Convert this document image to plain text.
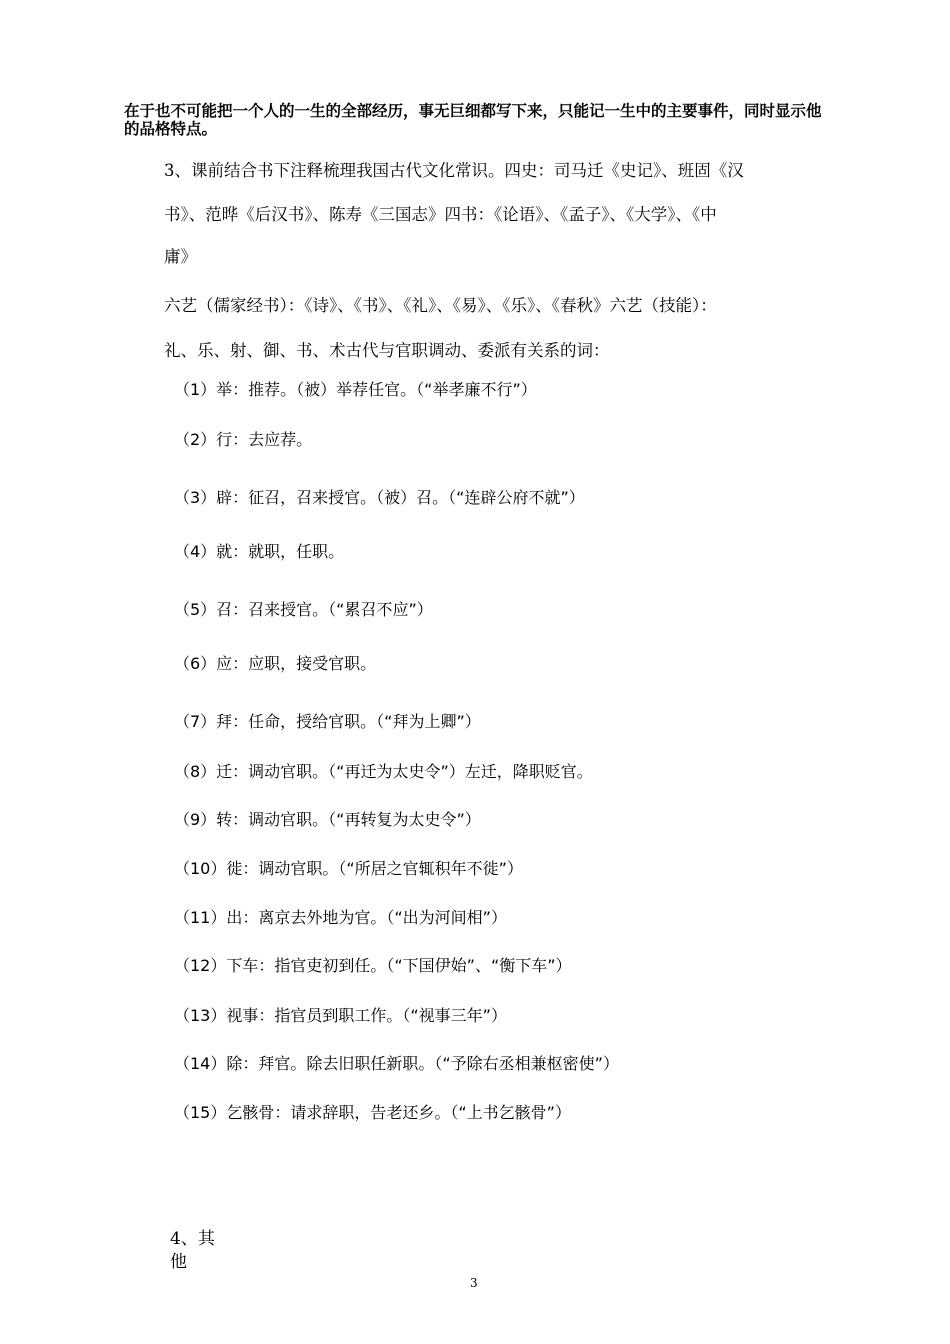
在于也不可能把一个人的一生的全部经历，事无巨细都写下来，只能记一生中的主要事件，同时显示他的品格特点。
3、课前结合书下注释梳理我国古代文化常识。四史：司马迁《史记》、班固《汉
书》、范晔《后汉书》、陈寿《三国志》四书：《论语》、《孟子》、《大学》、《中
庸》
六艺（儒家经书）：《诗》、《书》、《礼》、《易》、《乐》、《春秋》六艺（技能）：
礼、乐、射、御、书、术古代与官职调动、委派有关系的词：
（1）举：推荐。（被）举荐任官。（“举孝廉不行”）
（2）行：去应荐。
（3）辟：征召，召来授官。（被）召。（“连辟公府不就”）
（4）就：就职，任职。
（5）召：召来授官。（“累召不应”）
（6）应：应职，接受官职。
（7）拜：任命，授给官职。（“拜为上卿”）
（8）迁：调动官职。（“再迁为太史令”）左迁，降职贬官。
（9）转：调动官职。（“再转复为太史令”）
（10）徙：调动官职。（“所居之官辄积年不徙”）
（11）出：离京去外地为官。（“出为河间相”）
（12）下车：指官吏初到任。（“下国伊始”、“衡下车”）
（13）视事：指官员到职工作。（“视事三年”）
（14）除：拜官。除去旧职任新职。（“予除右丞相兼枢密使”）
（15）乞骸骨：请求辞职，告老还乡。（“上书乞骸骨”）
4、其他
3
